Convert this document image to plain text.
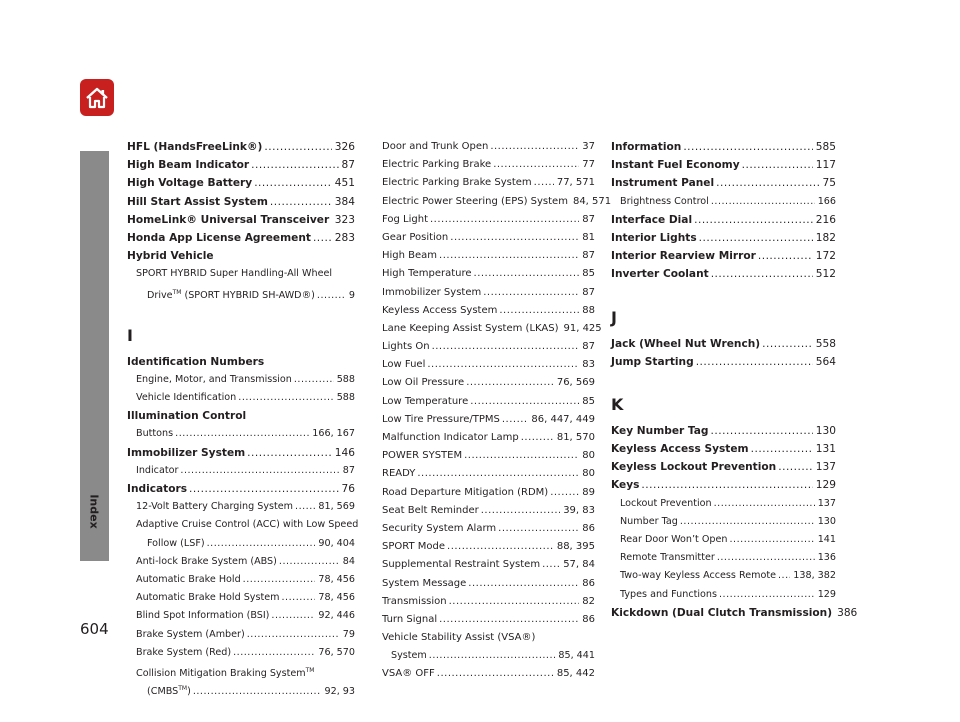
Index
604
HFL (HandsFreeLink®) .....	326
High Beam Indicator .....	87
High Voltage Battery .....	451
Hill Start Assist System .....	384
HomeLink® Universal Transceiver ..... 323
Honda App License Agreement ..... 283
Hybrid Vehicle
SPORT HYBRID Super Handling-All Wheel
Drive™ (SPORT HYBRID SH-AWD®) .....	9
I
Identification Numbers
Engine, Motor, and Transmission .....	588
Vehicle Identification .....	588
Illumination Control
Buttons .....	166, 167
Immobilizer System .....	146
Indicator .....	87
Indicators .....	76
12-Volt Battery Charging System .....	81, 569
Adaptive Cruise Control (ACC) with Low Speed
Follow (LSF) .....	90, 404
Anti-lock Brake System (ABS) .....	84
Automatic Brake Hold .....	78, 456
Automatic Brake Hold System .....	78, 456
Blind Spot Information (BSI) .....	92, 446
Brake System (Amber) .....	79
Brake System (Red) .....	76, 570
Collision Mitigation Braking System™
(CMBS™) .....	92, 93
Door and Trunk Open .....	37
Electric Parking Brake .....	77
Electric Parking Brake System .....	77, 571
Electric Power Steering (EPS) System 84, 571
Fog Light .....	87
Gear Position .....	81
High Beam .....	87
High Temperature .....	85
Immobilizer System .....	87
Keyless Access System .....	88
Lane Keeping Assist System (LKAS) 91, 425
Lights On .....	87
Low Fuel .....	83
Low Oil Pressure .....	76, 569
Low Temperature .....	85
Low Tire Pressure/TPMS .....	86, 447, 449
Malfunction Indicator Lamp .....	81, 570
POWER SYSTEM .....	80
READY .....	80
Road Departure Mitigation (RDM) .....	89
Seat Belt Reminder .....	39, 83
Security System Alarm .....	86
SPORT Mode .....	88, 395
Supplemental Restraint System ..... 57, 84
System Message .....	86
Transmission .....	82
Turn Signal .....	86
Vehicle Stability Assist (VSA®)
System .....	85, 441
VSA® OFF .....	85, 442
Information .....	585
Instant Fuel Economy .....	117
Instrument Panel .....	75
Brightness Control .....	166
Interface Dial .....	216
Interior Lights .....	182
Interior Rearview Mirror .....	172
Inverter Coolant .....	512
J
Jack (Wheel Nut Wrench) .....	558
Jump Starting .....	564
K
Key Number Tag .....	130
Keyless Access System .....	131
Keyless Lockout Prevention .....	137
Keys .....	129
Lockout Prevention .....	137
Number Tag .....	130
Rear Door Won’t Open .....	141
Remote Transmitter .....	136
Two-way Keyless Access Remote ..... 138, 382
Types and Functions .....	129
Kickdown (Dual Clutch Transmission) 386
